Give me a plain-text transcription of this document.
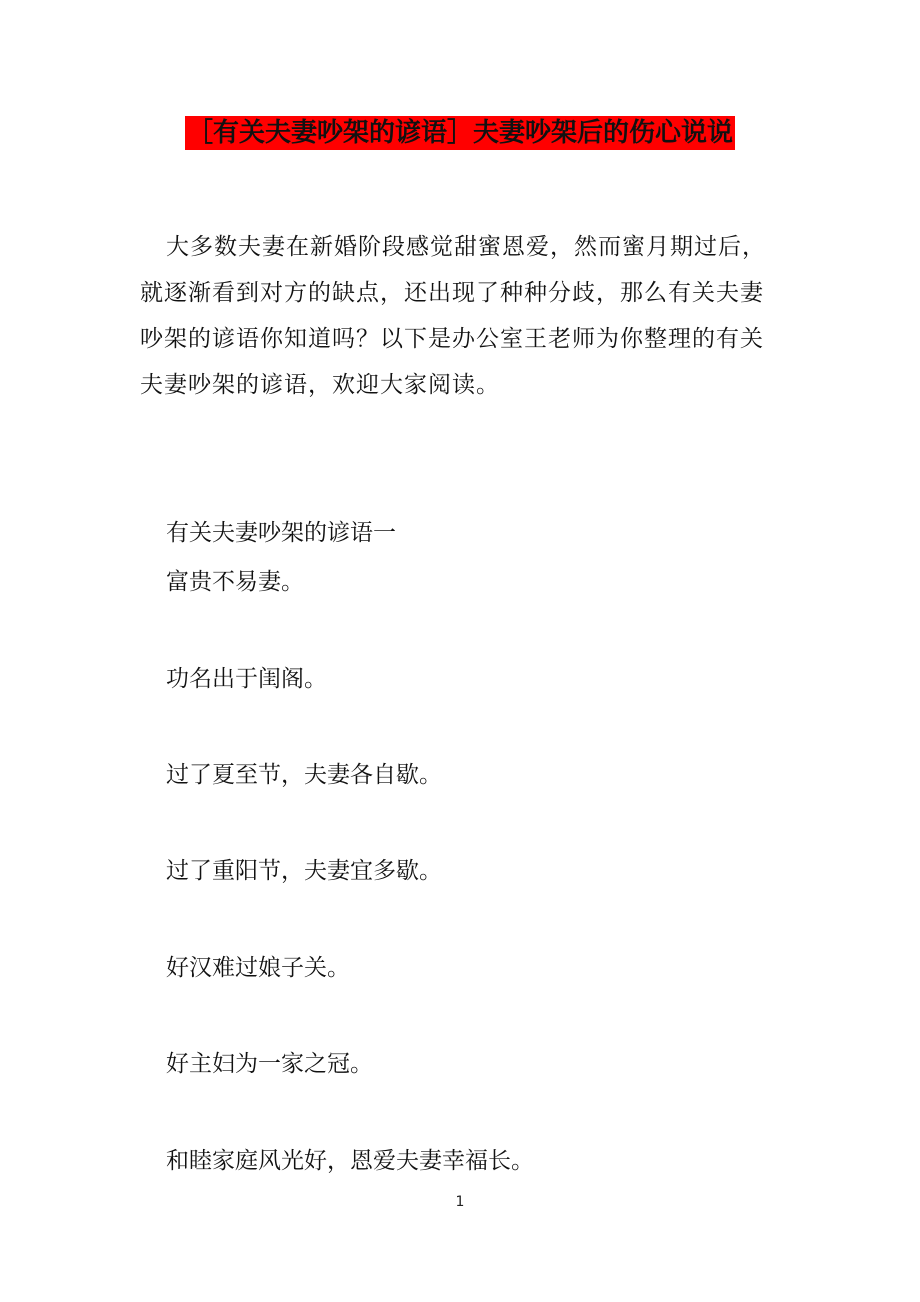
［有关夫妻吵架的谚语］夫妻吵架后的伤心说说

大多数夫妻在新婚阶段感觉甜蜜恩爱，然而蜜月期过后，就逐渐看到对方的缺点，还出现了种种分歧，那么有关夫妻吵架的谚语你知道吗？以下是办公室王老师为你整理的有关夫妻吵架的谚语，欢迎大家阅读。

有关夫妻吵架的谚语一

富贵不易妻。

功名出于闺阁。

过了夏至节，夫妻各自歇。

过了重阳节，夫妻宜多歇。

好汉难过娘子关。

好主妇为一家之冠。

和睦家庭风光好，恩爱夫妻幸福长。

1
